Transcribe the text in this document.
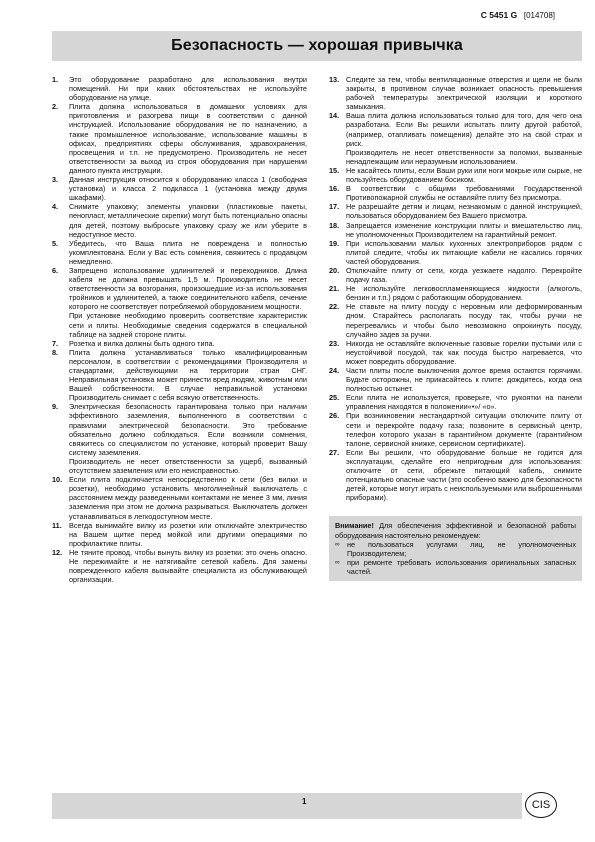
C 5451 G [014708]
Безопасность — хорошая привычка
1. Это оборудование разработано для использования внутри помещений. Ни при каких обстоятельствах не используйте оборудование на улице.
2. Плита должна использоваться в домашних условиях для приготовления и разогрева пищи в соответствии с данной инструкцией. Использование оборудования не по назначению, а также промышленное использование, использование машины в офисах, предприятиях сферы обслуживания, здравохранения, просвещения и т.п. не предусмотрено. Производитель не несет ответственности за выход из строя оборудования при нарушении данного пункта инструкции.
3. Данная инструкция относится к оборудованию класса 1 (свободная установка) и класса 2 подкласса 1 (установка между двумя шкафами).
4. Снимите упаковку; элементы упаковки (пластиковые пакеты, пенопласт, металлические скрепки) могут быть потенциально опасны для детей, поэтому выбросьте упаковку сразу же или уберите в недоступное место.
5. Убедитесь, что Ваша плита не повреждена и полностью укомплектована. Если у Вас есть сомнения, свяжитесь с продавцом немедленно.
6. Запрещено использование удлинителей и переходников. Длина кабеля не должна превышать 1,5 м. Производитель не несет ответственности за возгорания, произошедшие из-за использования тройников и удлинителей, а также соединительного кабеля, сечение которого не соответствует потребляемой оборудованием мощности.
При установке необходимо проверить соответствие характеристик сети и плиты. Необходимые сведения содержатся в специальной таблице на задней стороне плиты.
7. Розетка и вилка должны быть одного типа.
8. Плита должна устанавливаться только квалифицированным персоналом, в соответствии с рекомендациями Производителя и стандартами, действующими на территории стран СНГ. Неправильная установка может принести вред людям, животным или Вашей собственности. В случае неправильной установки Производитель снимает с себя всякую ответственность.
9. Электрическая безопасность гарантирована только при наличии эффективного заземления, выполненного в соответствии с правилами электрической безопасности. Это требование обязательно должно соблюдаться. Если возникли сомнения, свяжитесь со специалистом по установке, который проверит Вашу систему заземления.
Производитель не несет ответственности за ущерб, вызванный отсутствием заземления или его неисправностью.
10. Если плита подключается непосредственно к сети (без вилки и розетки), необходимо установить многолинейный выключатель с расстоянием между разведенными контактами не менее 3 мм, линия заземления при этом не должна разрываться. Выключатель должен устанавливаться в легкодоступном месте.
11. Всегда вынимайте вилку из розетки или отключайте электричество на Вашем щитке перед мойкой или другими операциями по профилактике плиты.
12. Не тяните провод, чтобы вынуть вилку из розетки: это очень опасно. Не пережимайте и не натягивайте сетевой кабель. Для замены поврежденного кабеля вызывайте специалиста из обслуживающей организации.
13. Следите за тем, чтобы вентиляционные отверстия и щели не были закрыты, в противном случае возникает опасность превышения рабочей температуры электрической изоляции и короткого замыкания.
14. Ваша плита должна использоваться только для того, для чего она разработана. Если Вы решили испытать плиту другой работой, (например, отапливать помещения) делайте это на свой страх и риск.
Производитель не несет ответственности за поломки, вызванные ненадлежащим или неразумным использованием.
15. Не касайтесь плиты, если Ваши руки или ноги мокрые или сырые, не пользуйтесь оборудованием босиком.
16. В соответствии с общими требованиями Государственной Противопожарной службы не оставляйте плиту без присмотра.
17. Не разрешайте детям и лицам, незнакомым с данной инструкцией, пользоваться оборудованием без Вашего присмотра.
18. Запрещается изменение конструкции плиты и вмешательство лиц, не уполномоченных Производителем на гарантийный ремонт.
19. При использовании малых кухонных электроприборов рядом с плитой следите, чтобы их питающие кабели не касались горячих частей оборудования.
20. Отключайте плиту от сети, когда уезжаете надолго. Перекройте подачу газа.
21. Не используйте легковоспламеняющиеся жидкости (алкоголь, бензин и т.п.) рядом с работающим оборудованием.
22. Не ставьте на плиту посуду с неровным или деформированным дном. Старайтесь располагать посуду так, чтобы ручки не перегревались и чтобы было невозможно опрокинуть посуду, случайно задев за ручки.
23. Никогда не оставляйте включенные газовые горелки пустыми или с неустойчивой посудой, так как посуда быстро нагревается, что может повредить оборудование.
24. Части плиты после выключения долгое время остаются горячими. Будьте осторожны, не прикасайтесь к плите: дождитесь, когда она полностью остынет.
25. Если плита не используется, проверьте, что рукоятки на панели управления находятся в положении«•»/ «о».
26. При возникновении нестандартной ситуации отключите плиту от сети и перекройте подачу газа; позвоните в сервисный центр, телефон которого указан в гарантийном документе (гарантийном талоне, сервисной книжке, сервисном сертификате).
27. Если Вы решили, что оборудование больше не годится для эксплуатации, сделайте его непригодным для использования: отключите от сети, обрежьте питающий кабель, снимите потенциально опасные части (это особенно важно для безопасности детей, которые могут играть с неиспользуемыми или выброшенными приборами).
Внимание! Для обеспечения эффективной и безопасной работы оборудования настоятельно рекомендуем:
∞ не пользоваться услугами лиц, не уполномоченных Производителем;
∞ при ремонте требовать использования оригинальных запасных частей.
1	CIS
